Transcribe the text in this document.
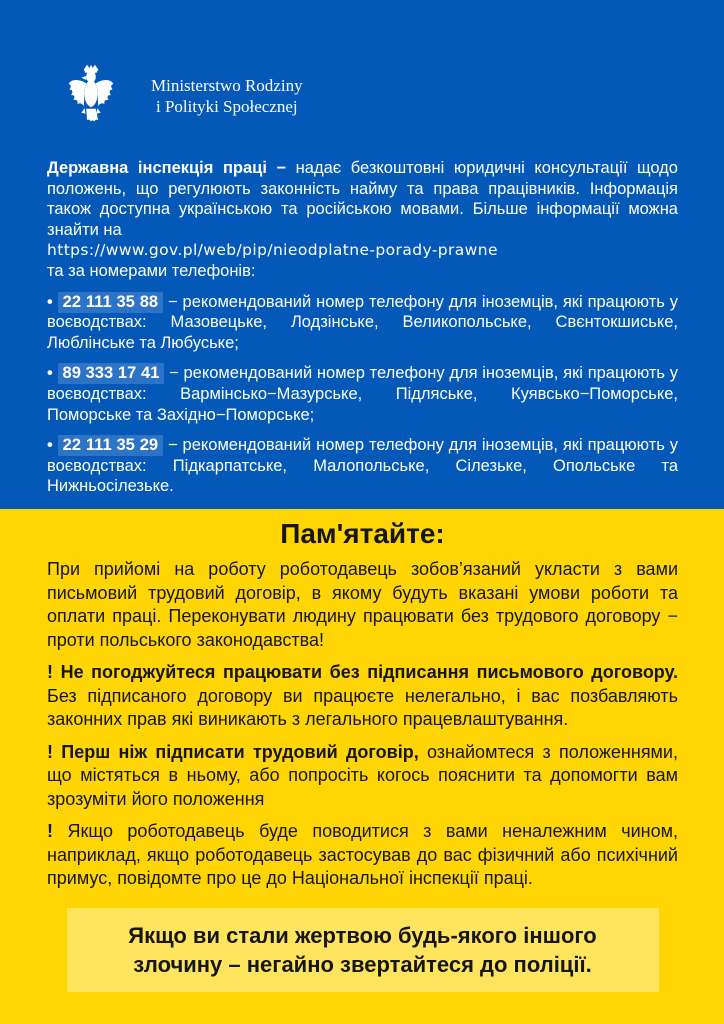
Ministerstwo Rodziny
i Polityki Społecznej

Державна інспекція праці − надає безкоштовні юридичні консультації щодо положень, що регулюють законність найму та права працівників. Інформація також доступна українською та російською мовами. Більше інформації можна знайти на

https://www.gov.pl/web/pip/nieodplatne-porady-prawne
та за номерами телефонів:

• 22 111 35 88 − рекомендований номер телефону для іноземців, які працюють у воєводствах: Мазовецьке, Лодзінське, Великопольське, Свєнтокшиське, Люблінське та Любуське;

• 89 333 17 41 − рекомендований номер телефону для іноземців, які працюють у воєводствах: Вармінсько−Мазурське, Підляське, Куявсько−Поморське, Поморське та Західно−Поморське;

• 22 111 35 29 − рекомендований номер телефону для іноземців, які працюють у воєводствах: Підкарпатське, Малопольське, Сілезьке, Опольське та Нижньосілезьке.

Пам'ятайте:

При прийомі на роботу роботодавець зобов’язаний укласти з вами письмовий трудовий договір, в якому будуть вказані умови роботи та оплати праці. Переконувати людину працювати без трудового договору − проти польського законодавства!

! Не погоджуйтеся працювати без підписання письмового договору. Без підписаного договору ви працюєте нелегально, і вас позбавляють законних прав які виникають з легального працевлаштування.

! Перш ніж підписати трудовий договір, ознайомтеся з положеннями, що містяться в ньому, або попросіть когось пояснити та допомогти вам зрозуміти його положення

! Якщо роботодавець буде поводитися з вами неналежним чином, наприклад, якщо роботодавець застосував до вас фізичний або психічний примус, повідомте про це до Національної інспекції праці.

Якщо ви стали жертвою будь-якого іншого злочину – негайно звертайтеся до поліції.
